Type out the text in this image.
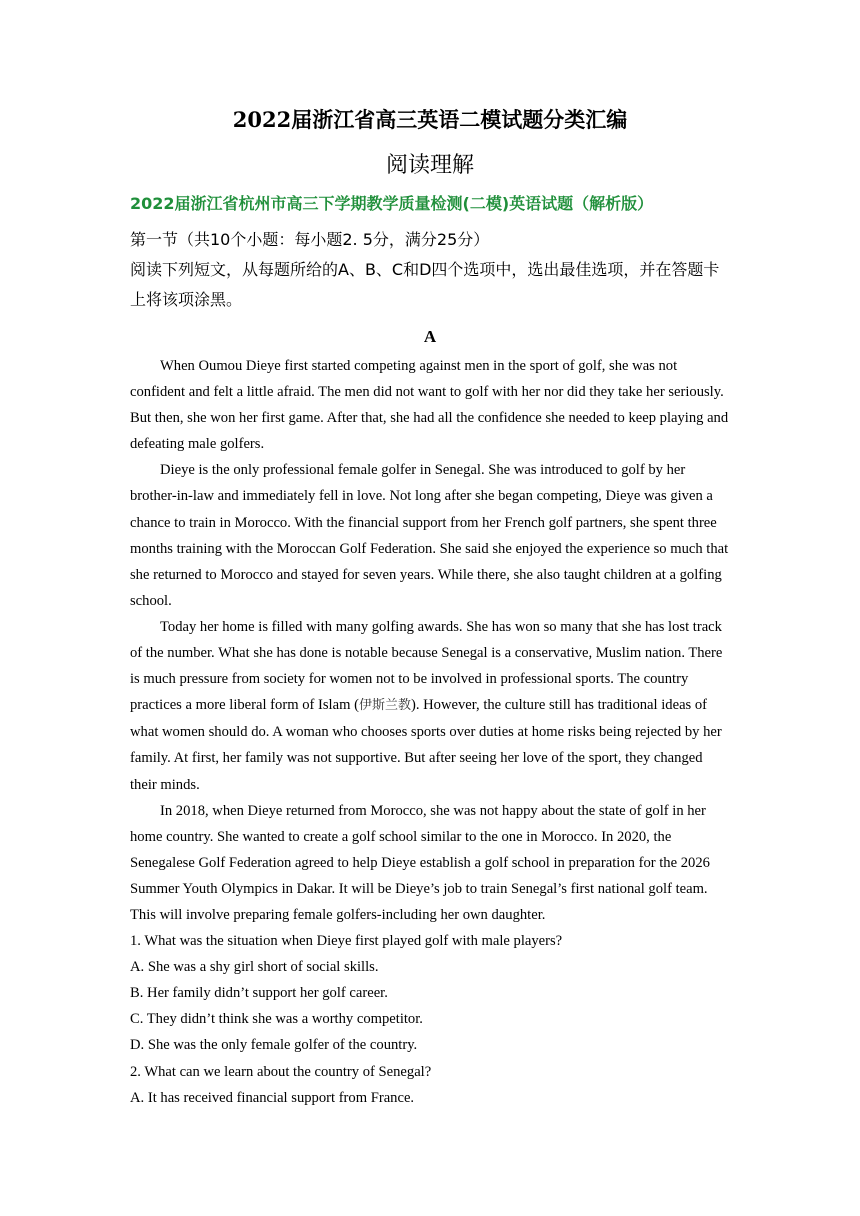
2022届浙江省高三英语二模试题分类汇编
阅读理解
2022届浙江省杭州市高三下学期教学质量检测(二模)英语试题（解析版）
第一节（共10个小题：每小题2. 5分，满分25分）
阅读下列短文，从每题所给的A、B、C和D四个选项中，选出最佳选项，并在答题卡上将该项涂黑。
A

When Oumou Dieye first started competing against men in the sport of golf, she was not confident and felt a little afraid. The men did not want to golf with her nor did they take her seriously. But then, she won her first game. After that, she had all the confidence she needed to keep playing and defeating male golfers.

Dieye is the only professional female golfer in Senegal. She was introduced to golf by her brother-in-law and immediately fell in love. Not long after she began competing, Dieye was given a chance to train in Morocco. With the financial support from her French golf partners, she spent three months training with the Moroccan Golf Federation. She said she enjoyed the experience so much that she returned to Morocco and stayed for seven years. While there, she also taught children at a golfing school.

Today her home is filled with many golfing awards. She has won so many that she has lost track of the number. What she has done is notable because Senegal is a conservative, Muslim nation. There is much pressure from society for women not to be involved in professional sports. The country practices a more liberal form of Islam (伊斯兰教). However, the culture still has traditional ideas of what women should do. A woman who chooses sports over duties at home risks being rejected by her family. At first, her family was not supportive. But after seeing her love of the sport, they changed their minds.

In 2018, when Dieye returned from Morocco, she was not happy about the state of golf in her home country. She wanted to create a golf school similar to the one in Morocco. In 2020, the Senegalese Golf Federation agreed to help Dieye establish a golf school in preparation for the 2026 Summer Youth Olympics in Dakar. It will be Dieye’s job to train Senegal’s first national golf team. This will involve preparing female golfers-including her own daughter.

1. What was the situation when Dieye first played golf with male players?
A. She was a shy girl short of social skills.
B. Her family didn’t support her golf career.
C. They didn’t think she was a worthy competitor.
D. She was the only female golfer of the country.
2. What can we learn about the country of Senegal?
A. It has received financial support from France.
